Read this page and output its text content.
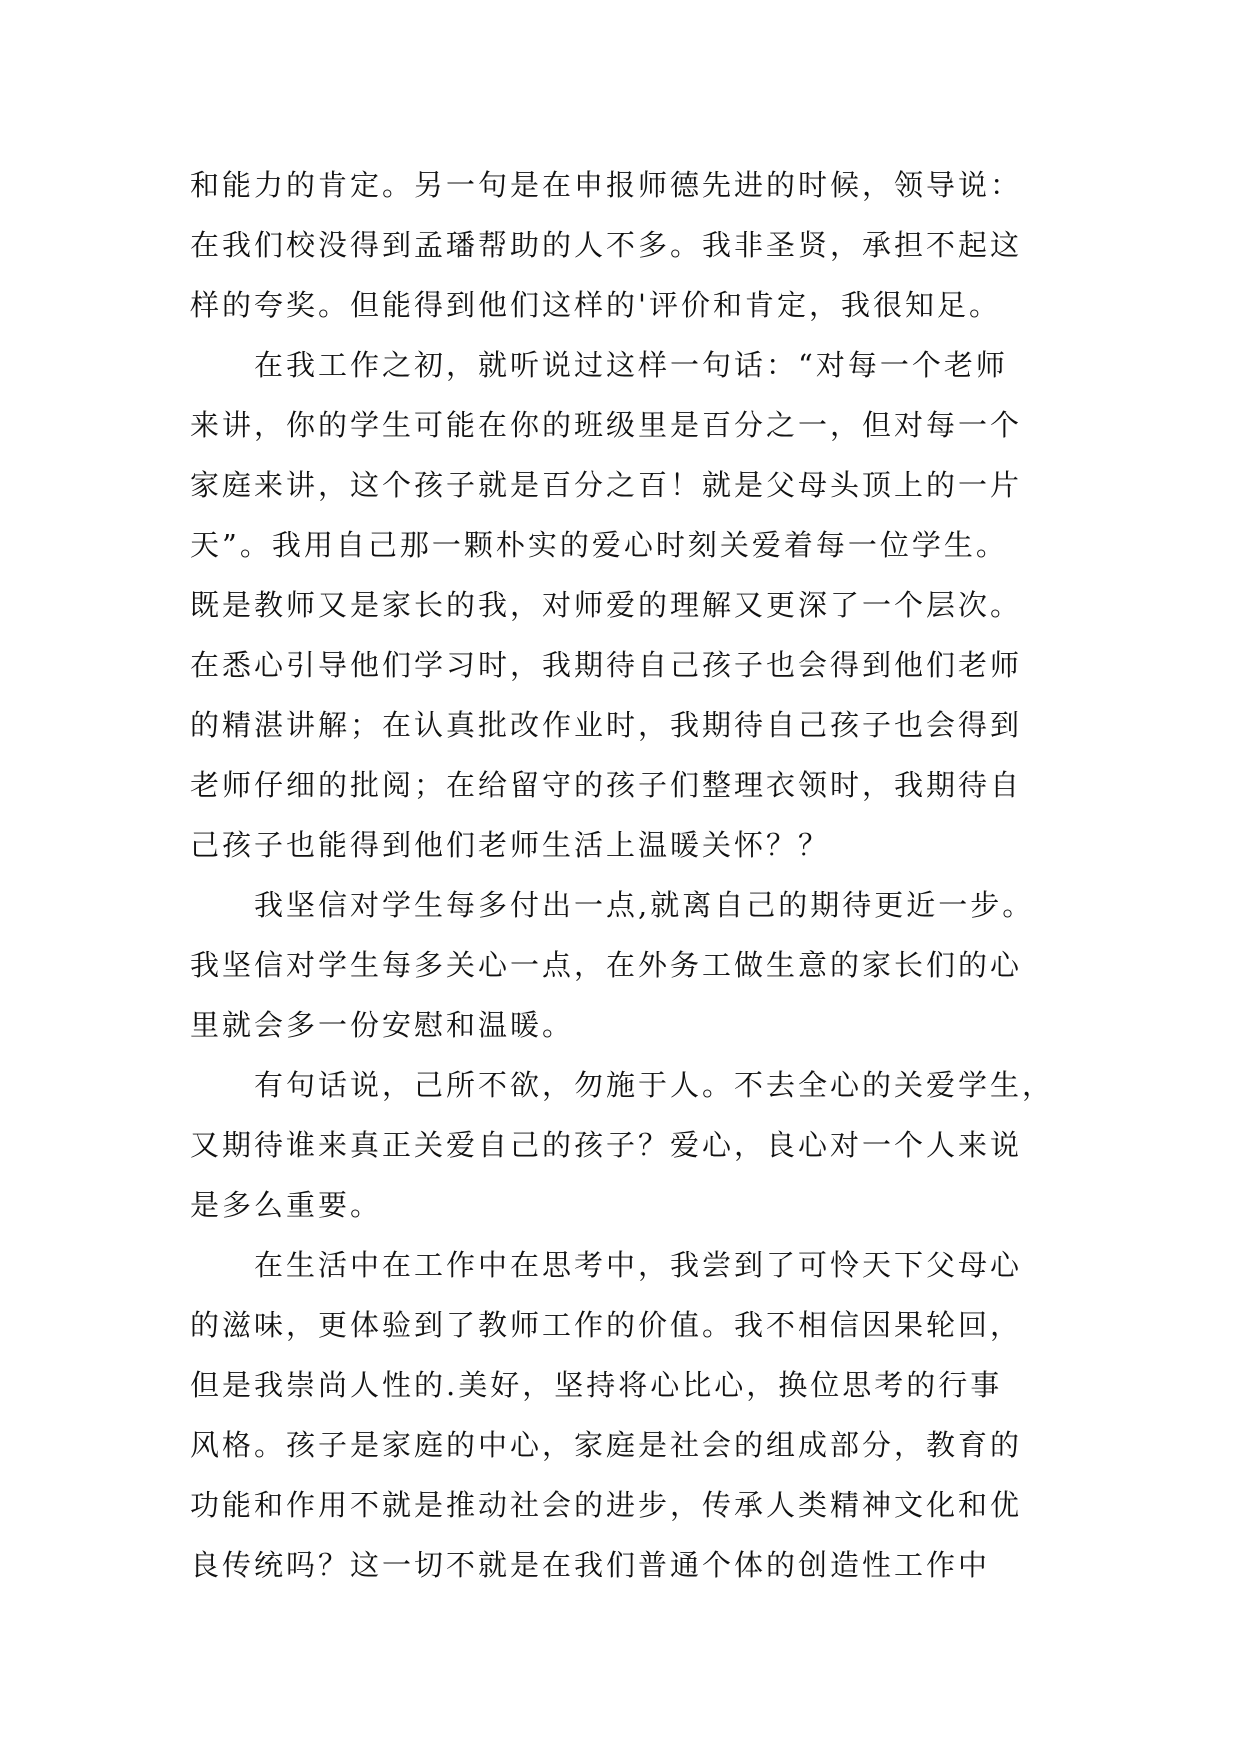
和能力的肯定。另一句是在申报师德先进的时候，领导说：
在我们校没得到孟璠帮助的人不多。我非圣贤，承担不起这
样的夸奖。但能得到他们这样的'评价和肯定，我很知足。
在我工作之初，就听说过这样一句话：“对每一个老师
来讲，你的学生可能在你的班级里是百分之一，但对每一个
家庭来讲，这个孩子就是百分之百！就是父母头顶上的一片
天”。我用自己那一颗朴实的爱心时刻关爱着每一位学生。
既是教师又是家长的我，对师爱的理解又更深了一个层次。
在悉心引导他们学习时，我期待自己孩子也会得到他们老师
的精湛讲解；在认真批改作业时，我期待自己孩子也会得到
老师仔细的批阅；在给留守的孩子们整理衣领时，我期待自
己孩子也能得到他们老师生活上温暖关怀？？
我坚信对学生每多付出一点,就离自己的期待更近一步。
我坚信对学生每多关心一点，在外务工做生意的家长们的心
里就会多一份安慰和温暖。
有句话说，己所不欲，勿施于人。不去全心的关爱学生，
又期待谁来真正关爱自己的孩子？爱心，良心对一个人来说
是多么重要。
在生活中在工作中在思考中，我尝到了可怜天下父母心
的滋味，更体验到了教师工作的价值。我不相信因果轮回，
但是我崇尚人性的.美好，坚持将心比心，换位思考的行事
风格。孩子是家庭的中心，家庭是社会的组成部分，教育的
功能和作用不就是推动社会的进步，传承人类精神文化和优
良传统吗？这一切不就是在我们普通个体的创造性工作中
